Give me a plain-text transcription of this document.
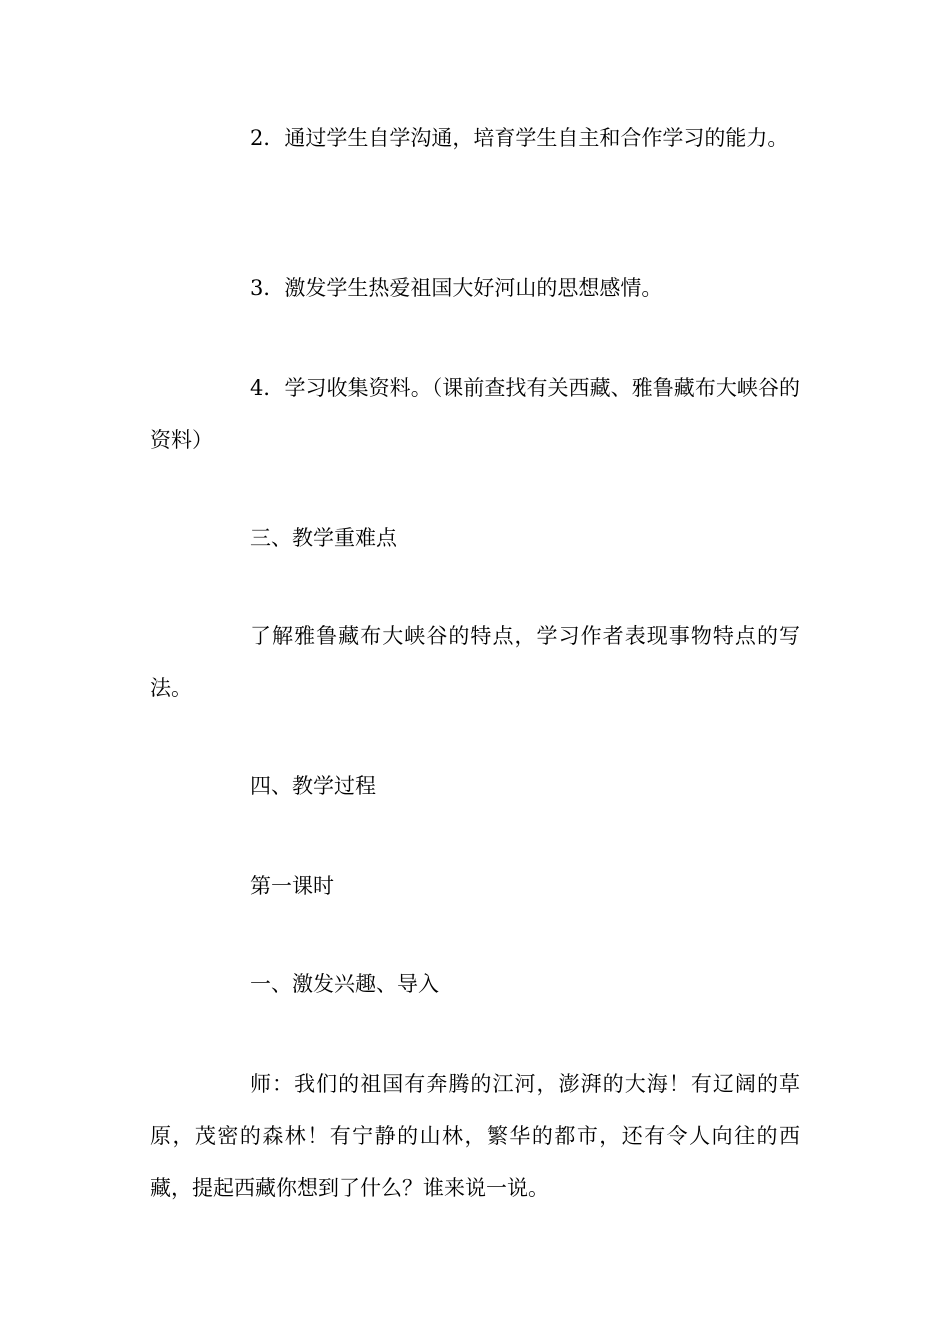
2．通过学生自学沟通，培育学生自主和合作学习的能力。

3．激发学生热爱祖国大好河山的思想感情。

4．学习收集资料。（课前查找有关西藏、雅鲁藏布大峡谷的资料）

三、教学重难点

了解雅鲁藏布大峡谷的特点，学习作者表现事物特点的写法。

四、教学过程

第一课时

一、激发兴趣、导入

师：我们的祖国有奔腾的江河，澎湃的大海！有辽阔的草原，茂密的森林！有宁静的山林，繁华的都市，还有令人向往的西藏，提起西藏你想到了什么？谁来说一说。
